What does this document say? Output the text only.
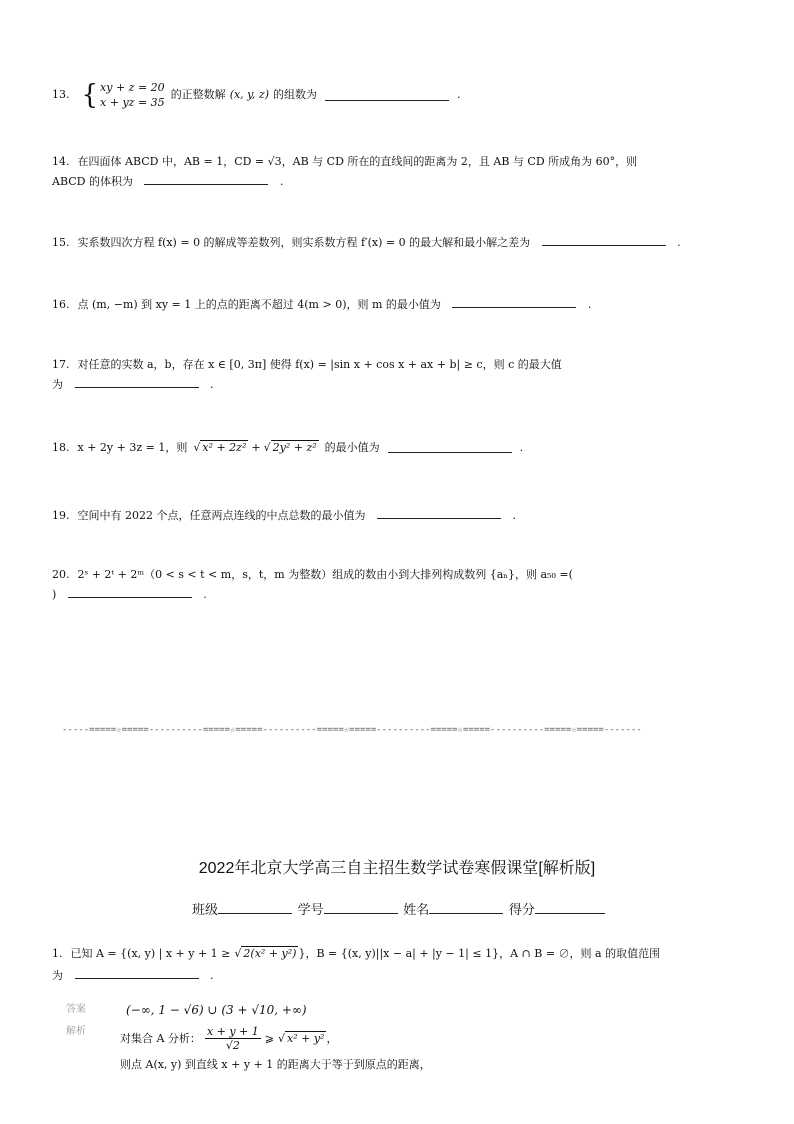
13. { xy + z = 20
x + yz = 35
的正整数解 (x, y, z) 的组数为	.
14. 在四面体 ABCD 中，AB = 1，CD = √3，AB 与 CD 所在的直线间的距离为 2，且 AB 与 CD 所成角为 60°，则
ABCD 的体积为	.
15. 实系数四次方程 f(x) = 0 的解成等差数列，则实系数方程 f′(x) = 0 的最大解和最小解之差为	.
16. 点 (m, −m) 到 xy = 1 上的点的距离不超过 4(m > 0)，则 m 的最小值为	.
17. 对任意的实数 a，b，存在 x ∈ [0, 3π] 使得 f(x) = |sin x + cos x + ax + b| ≥ c，则 c 的最大值
为	.
18. x + 2y + 3z = 1，则 √ x² + 2z² + √ 2y² + z² 的最小值为	.
19. 空间中有 2022 个点，任意两点连线的中点总数的最小值为	.
20. 2ˢ + 2ᵗ + 2ᵐ（0 < s < t < m，s，t，m 为整数）组成的数由小到大排列构成数列 {aₙ}，则 a₅₀ =(
)	.
-----=====☆=====----------=====☆=====----------=====☆=====----------=====☆=====----------=====☆=====-------
2022年北京大学高三自主招生数学试卷寒假课堂[解析版]
班级	学号	姓名	得分
1. 已知 A = {(x, y) | x + y + 1 ≥ √ 2(x² + y²) }，B = {(x, y)||x − a| + |y − 1| ≤ 1}，A ∩ B = ∅，则 a 的取值范围
为	.
答案	(−∞, 1 − √6) ∪ (3 + √10, +∞)
解析	对集合 A 分析： $\frac{x + y + 1}{√2}$ ⩾ √ x² + y² ，
则点 A(x, y) 到直线 x + y + 1 的距离大于等于到原点的距离，
